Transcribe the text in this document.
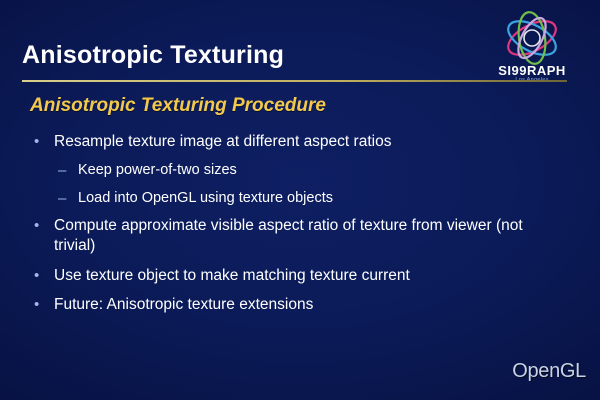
SI99RAPH
Anisotropic Texturing
Anisotropic Texturing Procedure
• Resample texture image at different aspect ratios
– Keep power-of-two sizes
– Load into OpenGL using texture objects
• Compute approximate visible aspect ratio of texture from viewer (not trivial)
• Use texture object to make matching texture current
• Future: Anisotropic texture extensions
OpenGL
